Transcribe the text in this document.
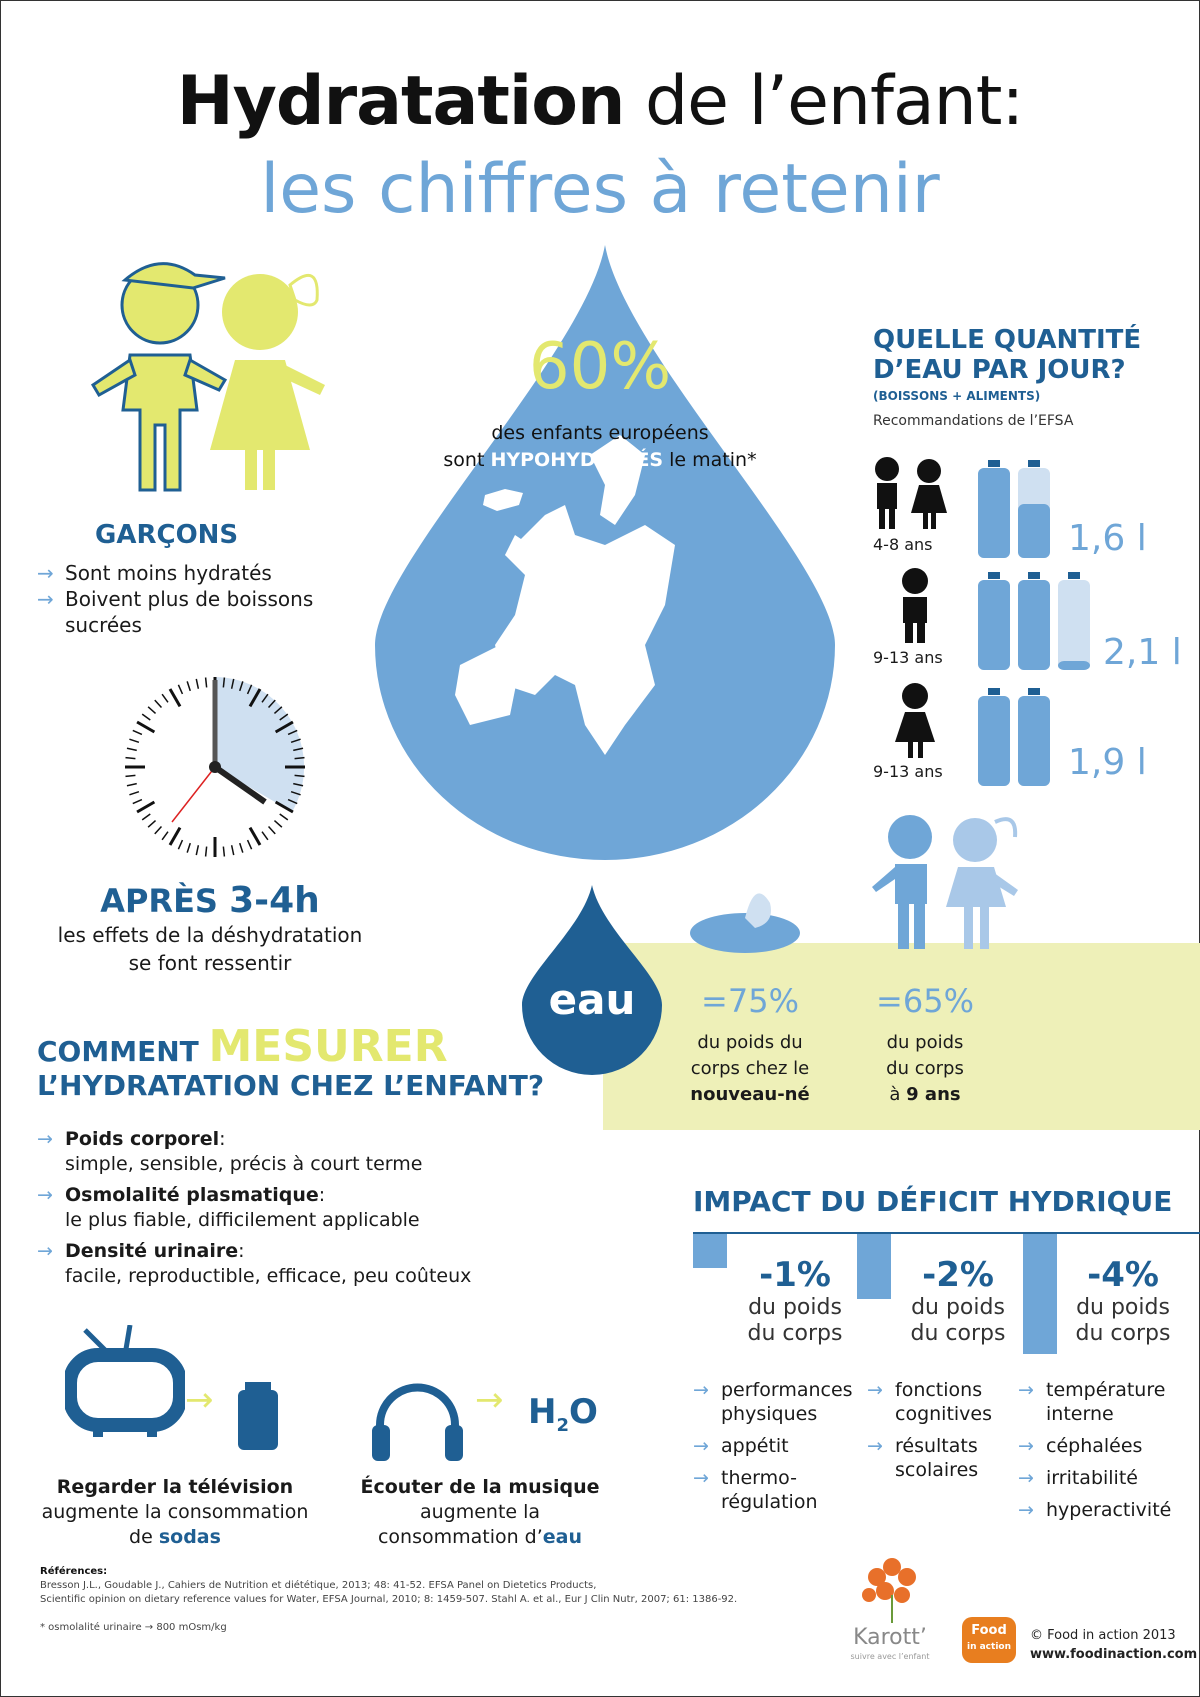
Hydratation de l’enfant:
les chiffres à retenir
GARÇONS
→ Sont moins hydratés
→ Boivent plus de boissons sucrées
APRÈS 3-4h
les effets de la déshydratation
se font ressentir
60%
des enfants européens
sont HYPOHYDRATÉS le matin*
QUELLE QUANTITÉ
D’EAU PAR JOUR?
(BOISSONS + ALIMENTS)
Recommandations de l’EFSA
4-8 ans	1,6 l
9-13 ans	2,1 l
9-13 ans	1,9 l
eau	=75%
du poids du
corps chez le
nouveau-né
=65%
du poids
du corps
à 9 ans
COMMENT MESURER
L’HYDRATATION CHEZ L’ENFANT?
→ Poids corporel:
simple, sensible, précis à court terme
→ Osmolalité plasmatique:
le plus fiable, difficilement applicable
→ Densité urinaire:
facile, reproductible, efficace, peu coûteux
→
Regarder la télévision
augmente la consommation
de sodas
→ $H_2O$
Écouter de la musique
augmente la
consommation d’eau
IMPACT DU DÉFICIT HYDRIQUE
-1%
du poids
du corps
-2%
du poids
du corps
-4%
du poids
du corps
→ performances physiques
→ appétit
→ thermo-régulation
→ fonctions cognitives
→ résultats scolaires
→ température interne
→ céphalées
→ irritabilité
→ hyperactivité
Références:
Bresson J.L., Goudable J., Cahiers de Nutrition et diététique, 2013; 48: 41-52. EFSA Panel on Dietetics Products,
Scientific opinion on dietary reference values for Water, EFSA Journal, 2010; 8: 1459-507. Stahl A. et al., Eur J Clin Nutr, 2007; 61: 1386-92.
* osmolalité urinaire → 800 mOsm/kg	Karott’
suivre avec l’enfant
Food
in action
© Food in action 2013
www.foodinaction.com
